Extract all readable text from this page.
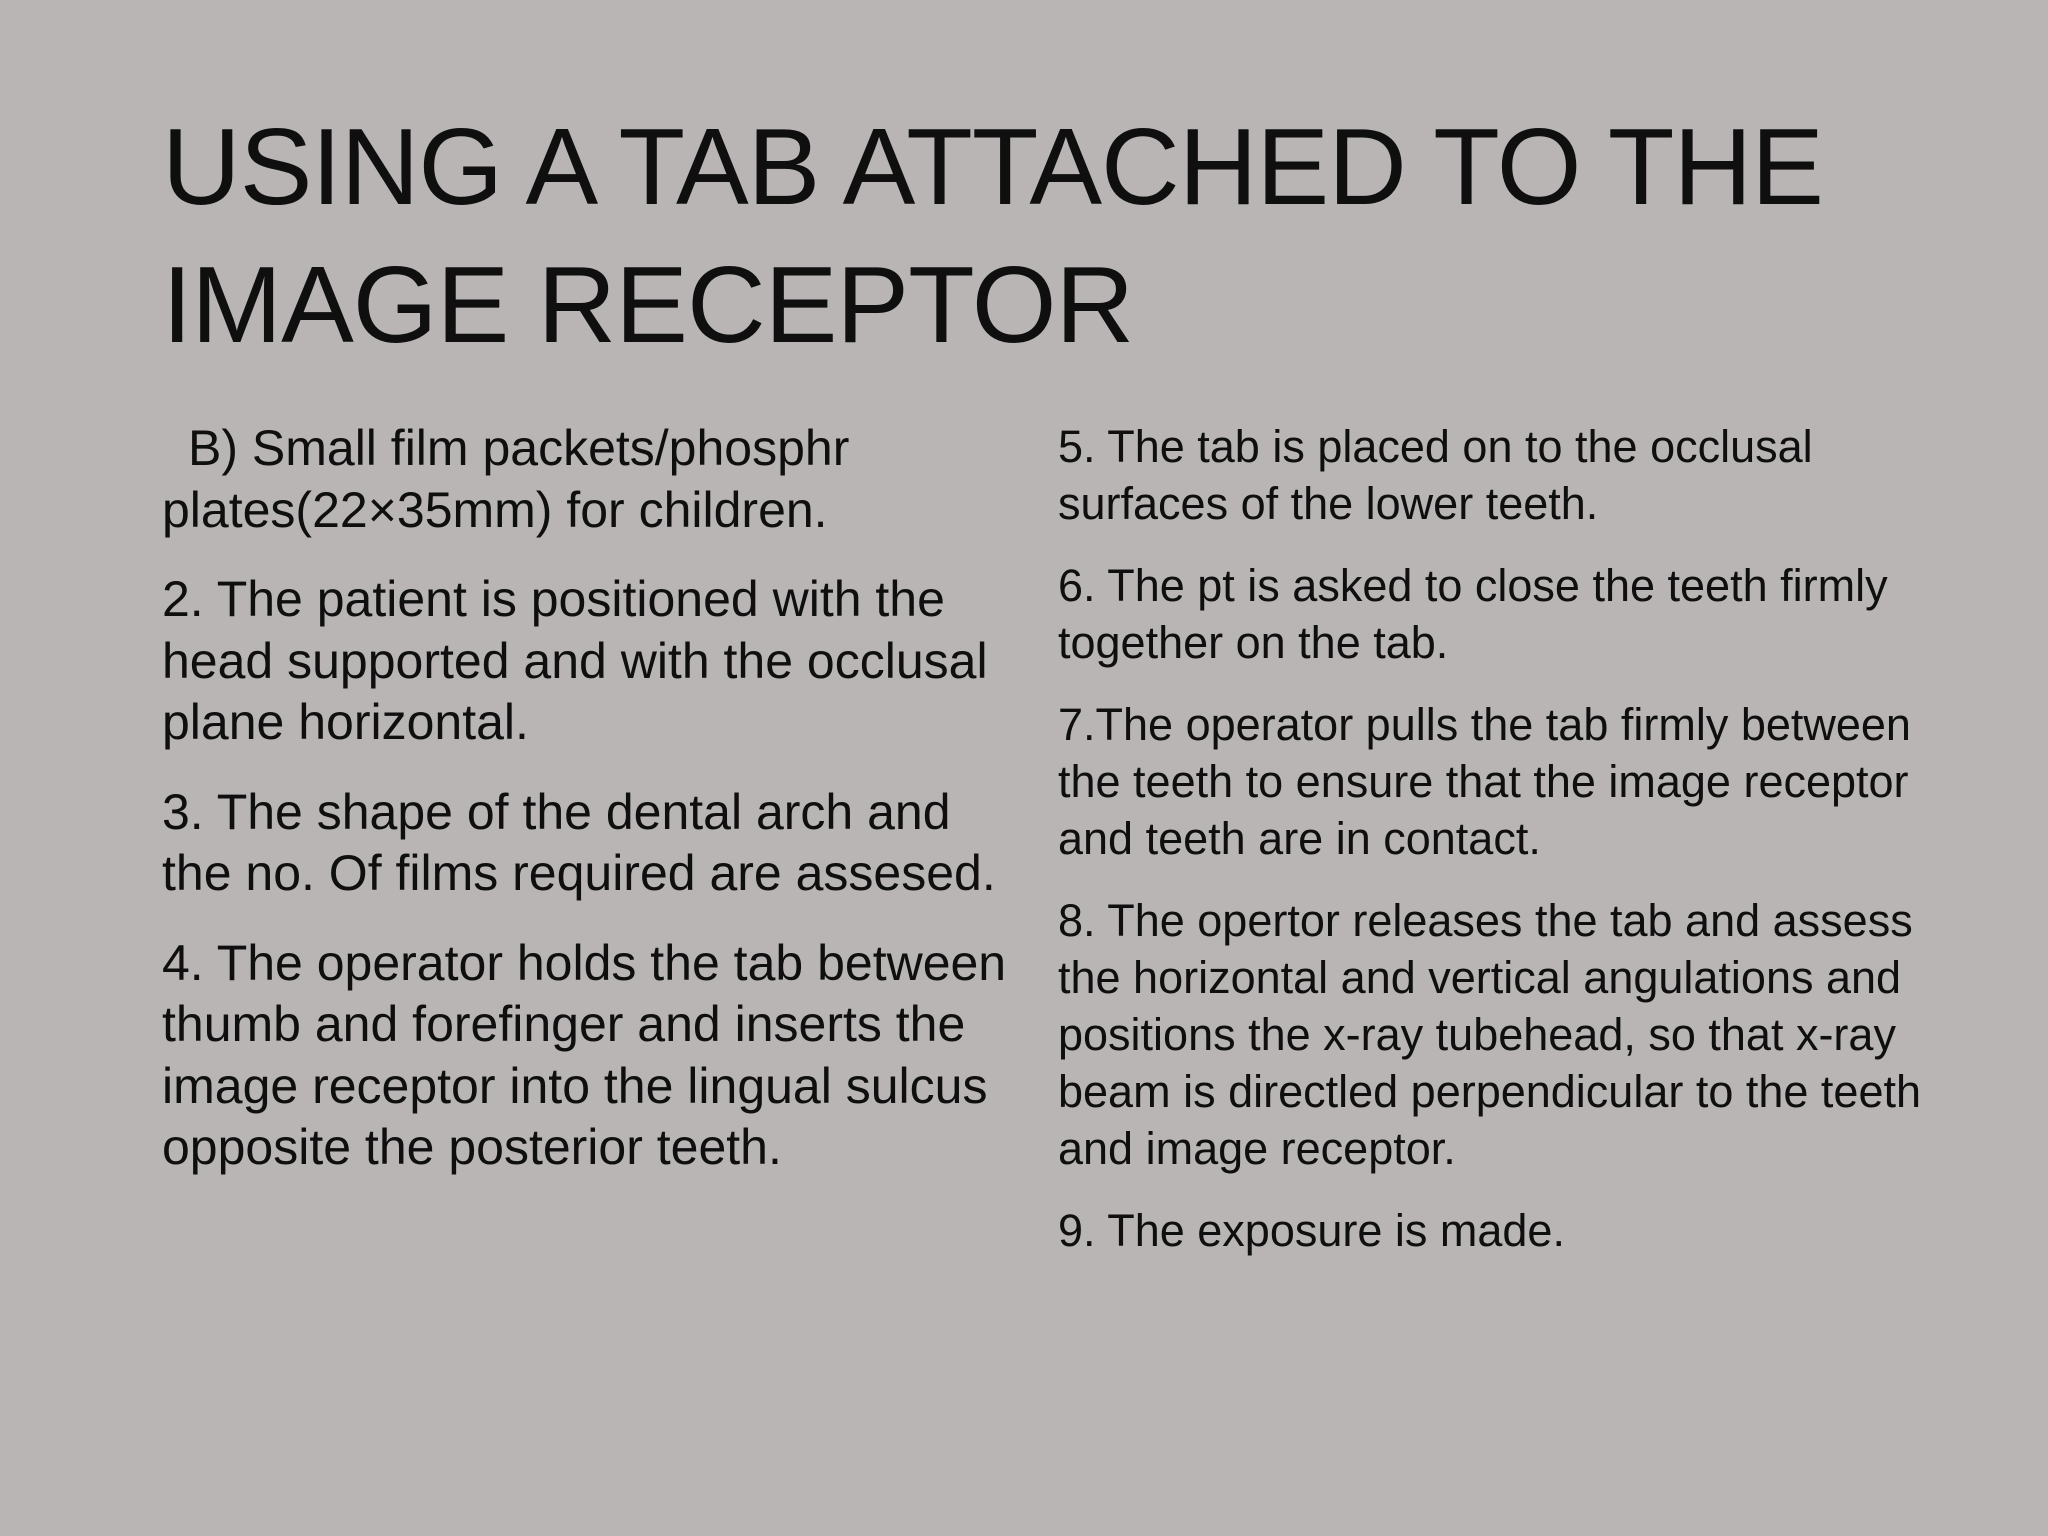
USING A TAB ATTACHED TO THE IMAGE RECEPTOR

B) Small film packets/phosphr plates(22×35mm) for children.

2. The patient is positioned with the head supported and with the occlusal plane horizontal.

3. The shape of the dental arch and the no. Of films required are assesed.

4. The operator holds the tab between thumb and forefinger and inserts the image receptor into the lingual sulcus opposite the posterior teeth.

5. The tab is placed on to the occlusal surfaces of the lower teeth.

6. The pt is asked to close the teeth firmly together on the tab.

7.The operator pulls the tab firmly between the teeth to ensure that the image receptor and teeth are in contact.

8. The opertor releases the tab and assess the horizontal and vertical angulations and positions the x-ray tubehead, so that x-ray beam is directled perpendicular to the teeth and image receptor.

9. The exposure is made.
